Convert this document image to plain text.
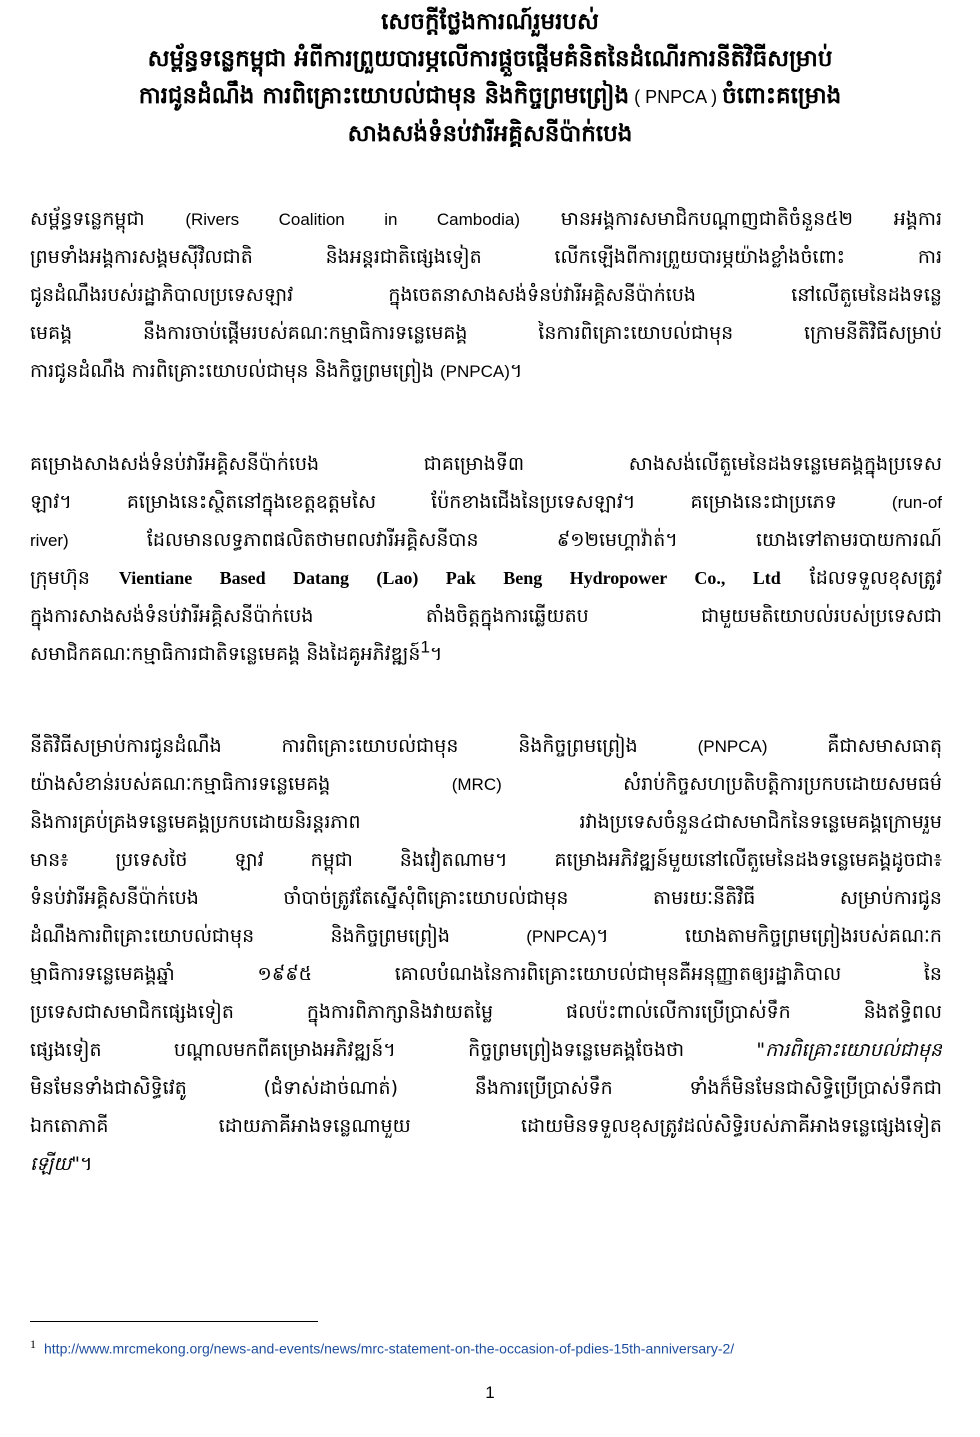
សេចក្តីថ្លែងការណ៍រួមរបស់
សម្ព័ន្ធទន្លេកម្ពុជា អំពីការព្រួយបារម្ភលើការផ្តួចផ្តើមគំនិតនៃដំណើរការនីតិវិធីសម្រាប់
ការជូនដំណឹង ការពិគ្រោះយោបល់ជាមុន និងកិច្ចព្រមព្រៀង ( PNPCA ) ចំពោះគម្រោង
សាងសង់ទំនប់វារីអគ្គិសនីប៉ាក់បេង
សម្ព័ន្ធទន្លេកម្ពុជា (Rivers Coalition in Cambodia) មានអង្គការសមាជិកបណ្តាញជាតិចំនួន៥២ អង្គការ
ព្រមទាំងអង្គការសង្គមស៊ីវិលជាតិ និងអន្តរជាតិផ្សេងទៀត លើកឡើងពីការព្រួយបារម្ភយ៉ាងខ្លាំងចំពោះ ការ
ជូនដំណឹងរបស់រដ្ឋាភិបាលប្រទេសឡាវ ក្នុងចេតនាសាងសង់ទំនប់វារីអគ្គិសនីប៉ាក់បេង នៅលើតួមេនៃដងទន្លេ
មេគង្គ នឹងការចាប់ផ្តើមរបស់គណៈកម្មាធិការទន្លេមេគង្គ នៃការពិគ្រោះយោបល់ជាមុន ក្រោមនីតិវិធីសម្រាប់
ការជូនដំណឹង ការពិគ្រោះយោបល់ជាមុន និងកិច្ចព្រមព្រៀង (PNPCA)។
គម្រោងសាងសង់ទំនប់វារីអគ្គិសនីប៉ាក់បេង ជាគម្រោងទី៣ សាងសង់លើតួមេនៃដងទន្លេមេគង្គក្នុងប្រទេស
ឡាវ។ គម្រោងនេះស្ថិតនៅក្នុងខេត្តឧត្តមសៃ ប៉ែកខាងជើងនៃប្រទេសឡាវ។ គម្រោងនេះជាប្រភេទ (run-of
river) ដែលមានលទ្ធភាពផលិតថាមពលវារីអគ្គិសនីបាន ៩១២មេហ្គាវ៉ាត់។ យោងទៅតាមរបាយការណ៍
ក្រុមហ៊ុន Vientiane Based Datang (Lao) Pak Beng Hydropower Co., Ltd ដែលទទួលខុសត្រូវ
ក្នុងការសាងសង់ទំនប់វារីអគ្គិសនីប៉ាក់បេង តាំងចិត្តក្នុងការឆ្លើយតប ជាមួយមតិយោបល់របស់ប្រទេសជា
សមាជិកគណៈកម្មាធិការជាតិទន្លេមេគង្គ និងដៃគូអភិវឌ្ឍន៍1។
នីតិវិធីសម្រាប់ការជូនដំណឹង ការពិគ្រោះយោបល់ជាមុន និងកិច្ចព្រមព្រៀង (PNPCA) គឺជាសមាសធាតុ
យ៉ាងសំខាន់របស់គណៈកម្មាធិការទន្លេមេគង្គ (MRC) សំរាប់កិច្ចសហប្រតិបត្តិការប្រកបដោយសមធម៌
និងការគ្រប់គ្រងទន្លេមេគង្គប្រកបដោយនិរន្តរភាព រវាងប្រទេសចំនួន៤ជាសមាជិកនៃទន្លេមេគង្គក្រោមរួម
មាន៖ ប្រទេសថៃ ឡាវ កម្ពុជា និងវៀតណាម។ គម្រោងអភិវឌ្ឍន៍មួយនៅលើតួមេនៃដងទន្លេមេគង្គដូចជា៖
ទំនប់វារីអគ្គិសនីប៉ាក់បេង ចាំបាច់ត្រូវតែស្នើសុំពិគ្រោះយោបល់ជាមុន តាមរយៈនីតិវិធី សម្រាប់ការជូន
ដំណឹងការពិគ្រោះយោបល់ជាមុន និងកិច្ចព្រមព្រៀង (PNPCA)។ យោងតាមកិច្ចព្រមព្រៀងរបស់គណៈក
ម្មាធិការទន្លេមេគង្គឆ្នាំ ១៩៩៥ គោលបំណងនៃការពិគ្រោះយោបល់ជាមុនគឺអនុញ្ញាតឲ្យរដ្ឋាភិបាល នៃ
ប្រទេសជាសមាជិកផ្សេងទៀត ក្នុងការពិភាក្សានិងវាយតម្លៃ ផលប៉ះពាល់លើការប្រើប្រាស់ទឹក និងឥទ្ធិពល
ផ្សេងទៀត បណ្តាលមកពីគម្រោងអភិវឌ្ឍន៍។ កិច្ចព្រមព្រៀងទន្លេមេគង្គចែងថា "ការពិគ្រោះយោបល់ជាមុន
មិនមែនទាំងជាសិទ្ធិវេតូ (ជំទាស់ដាច់ណាត់) នឹងការប្រើប្រាស់ទឹក ទាំងក៏មិនមែនជាសិទ្ធិប្រើប្រាស់ទឹកជា
ឯកតោភាគី ដោយភាគីអាងទន្លេណាមួយ ដោយមិនទទួលខុសត្រូវដល់សិទ្ធិរបស់ភាគីអាងទន្លេផ្សេងទៀត
ឡើយ"។
1 http://www.mrcmekong.org/news-and-events/news/mrc-statement-on-the-occasion-of-pdies-15th-anniversary-2/
1
